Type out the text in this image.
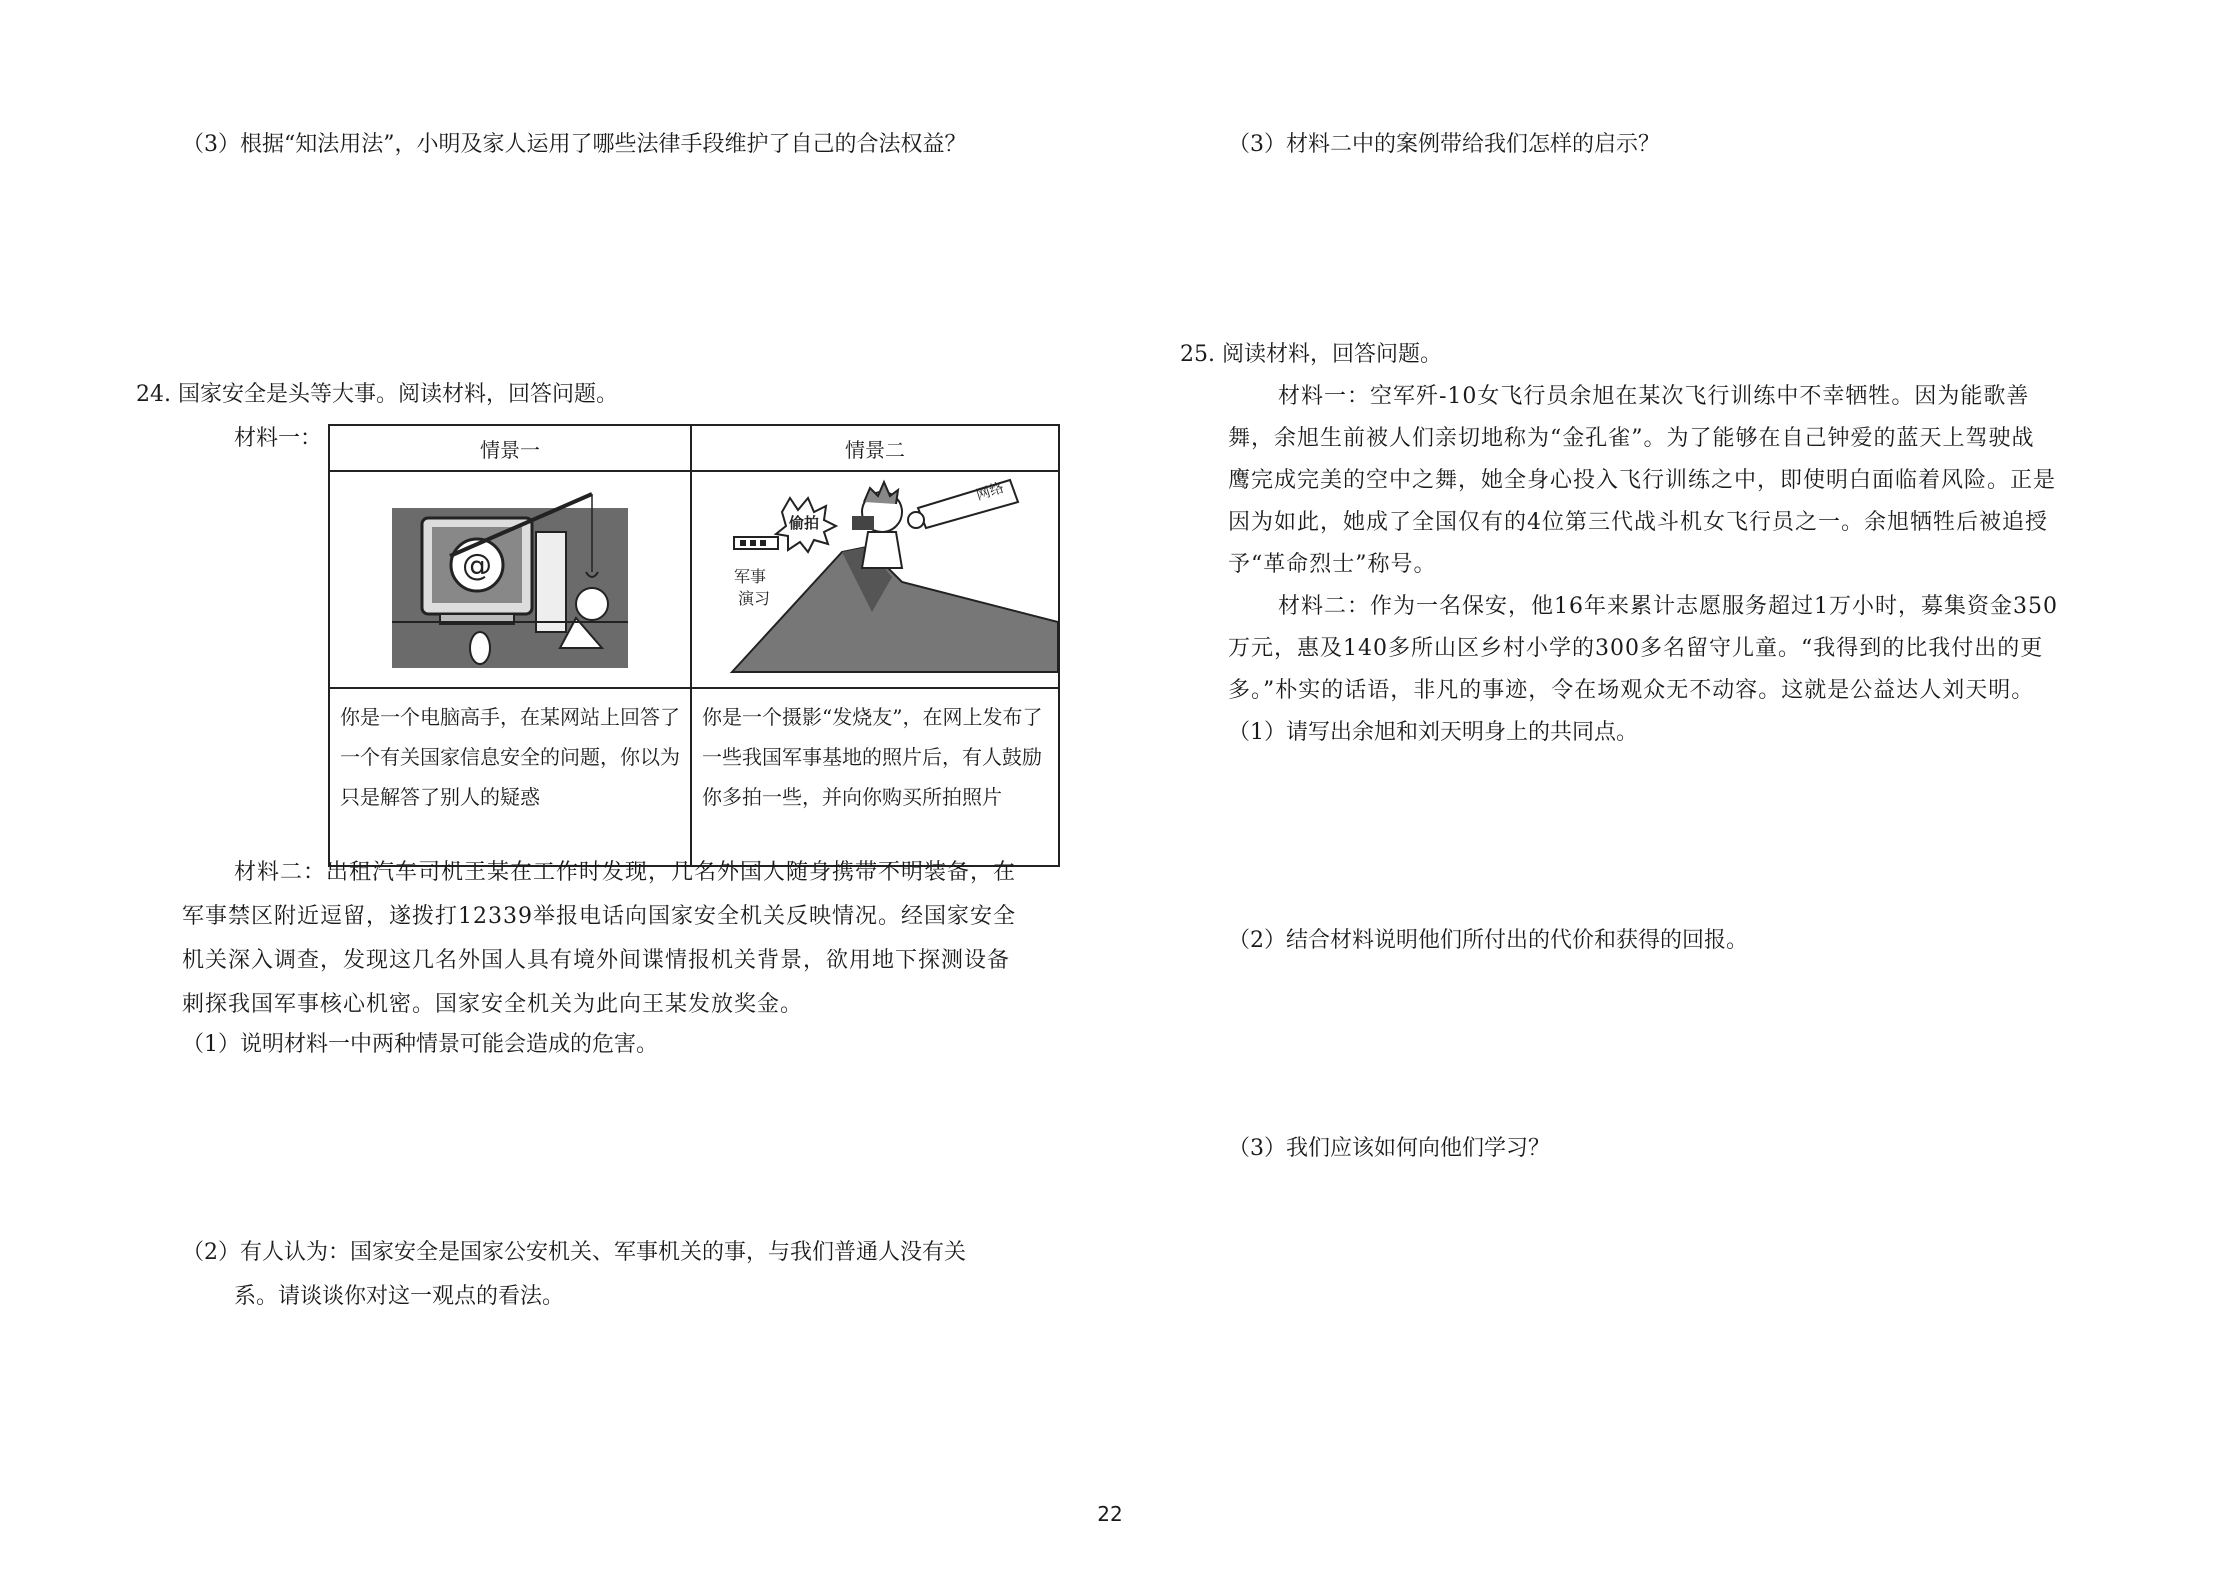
（3）根据“知法用法”，小明及家人运用了哪些法律手段维护了自己的合法权益？
24. 国家安全是头等大事。阅读材料，回答问题。
材料一：	情景一	情景二

@	军事
演习
偷拍
网络

你是一个电脑高手，在某网站上回答了一个有关国家信息安全的问题，你以为只是解答了别人的疑惑	你是一个摄影“发烧友”，在网上发布了一些我国军事基地的照片后，有人鼓励你多拍一些，并向你购买所拍照片
材料二：出租汽车司机王某在工作时发现，几名外国人随身携带不明装备，在
军事禁区附近逗留，遂拨打12339举报电话向国家安全机关反映情况。经国家安全
机关深入调查，发现这几名外国人具有境外间谍情报机关背景，欲用地下探测设备
刺探我国军事核心机密。国家安全机关为此向王某发放奖金。
（1）说明材料一中两种情景可能会造成的危害。
（2）有人认为：国家安全是国家公安机关、军事机关的事，与我们普通人没有关
系。请谈谈你对这一观点的看法。
（3）材料二中的案例带给我们怎样的启示？
25. 阅读材料，回答问题。
材料一：空军歼-10女飞行员余旭在某次飞行训练中不幸牺牲。因为能歌善
舞，余旭生前被人们亲切地称为“金孔雀”。为了能够在自己钟爱的蓝天上驾驶战
鹰完成完美的空中之舞，她全身心投入飞行训练之中，即使明白面临着风险。正是
因为如此，她成了全国仅有的4位第三代战斗机女飞行员之一。余旭牺牲后被追授
予“革命烈士”称号。
材料二：作为一名保安，他16年来累计志愿服务超过1万小时，募集资金350
万元，惠及140多所山区乡村小学的300多名留守儿童。“我得到的比我付出的更
多。”朴实的话语，非凡的事迹，令在场观众无不动容。这就是公益达人刘天明。
（1）请写出余旭和刘天明身上的共同点。
（2）结合材料说明他们所付出的代价和获得的回报。
（3）我们应该如何向他们学习？
22
